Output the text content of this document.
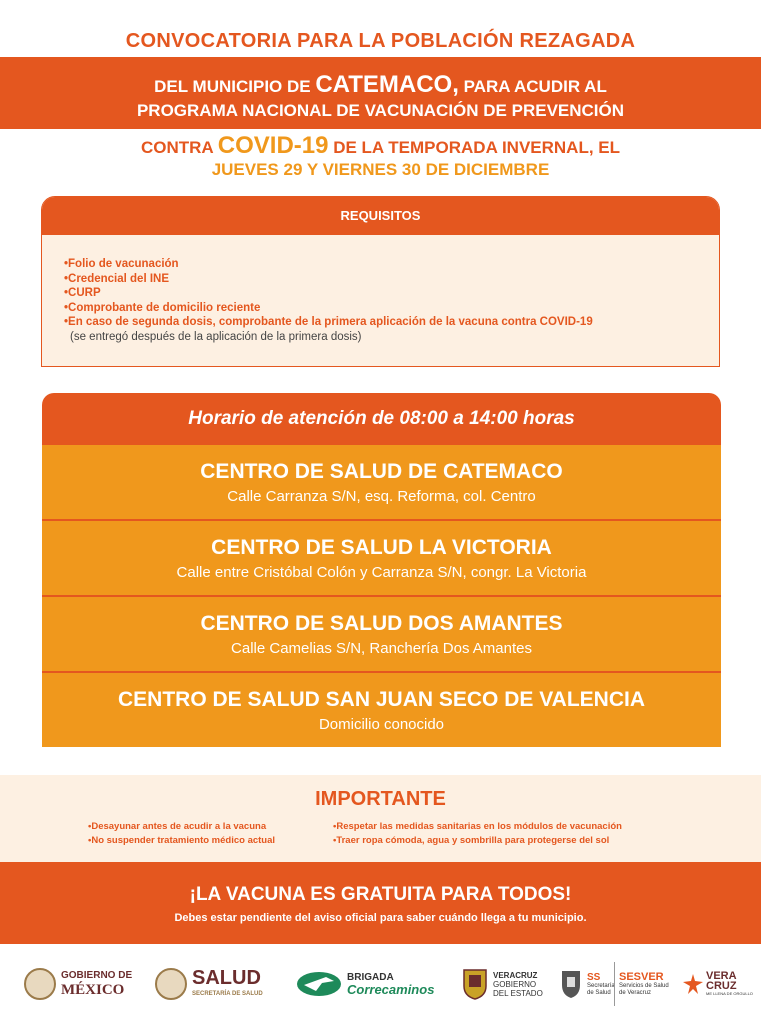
CONVOCATORIA PARA LA POBLACIÓN REZAGADA
DEL MUNICIPIO DE CATEMACO, PARA ACUDIR AL
PROGRAMA NACIONAL DE VACUNACIÓN DE PREVENCIÓN
CONTRA COVID-19 DE LA TEMPORADA INVERNAL, EL
JUEVES 29 Y VIERNES 30 DE DICIEMBRE
REQUISITOS
• Folio de vacunación
• Credencial del INE
• CURP
• Comprobante de domicilio reciente
• En caso de segunda dosis, comprobante de la primera aplicación de la vacuna contra COVID-19
(se entregó después de la aplicación de la primera dosis)
Horario de atención de 08:00 a 14:00 horas
CENTRO DE SALUD DE CATEMACO
Calle Carranza S/N, esq. Reforma, col. Centro
CENTRO DE SALUD LA VICTORIA
Calle entre Cristóbal Colón y Carranza S/N, congr. La Victoria
CENTRO DE SALUD DOS AMANTES
Calle Camelias S/N, Ranchería Dos Amantes
CENTRO DE SALUD SAN JUAN SECO DE VALENCIA
Domicilio conocido
IMPORTANTE
• Desayunar antes de acudir a la vacuna
• No suspender tratamiento médico actual
• Respetar las medidas sanitarias en los módulos de vacunación
• Traer ropa cómoda, agua y sombrilla para protegerse del sol
¡LA VACUNA ES GRATUITA PARA TODOS!
Debes estar pendiente del aviso oficial para saber cuándo llega a tu municipio.
GOBIERNO DE
MÉXICO
SALUD
SECRETARÍA DE SALUD
BRIGADA
Correcaminos
VERACRUZ
GOBIERNO
DEL ESTADO
SS
Secretaría
de Salud
SESVER
Servicios de Salud
de Veracruz
VERA
CRUZ
ME LLENA DE ORGULLO
